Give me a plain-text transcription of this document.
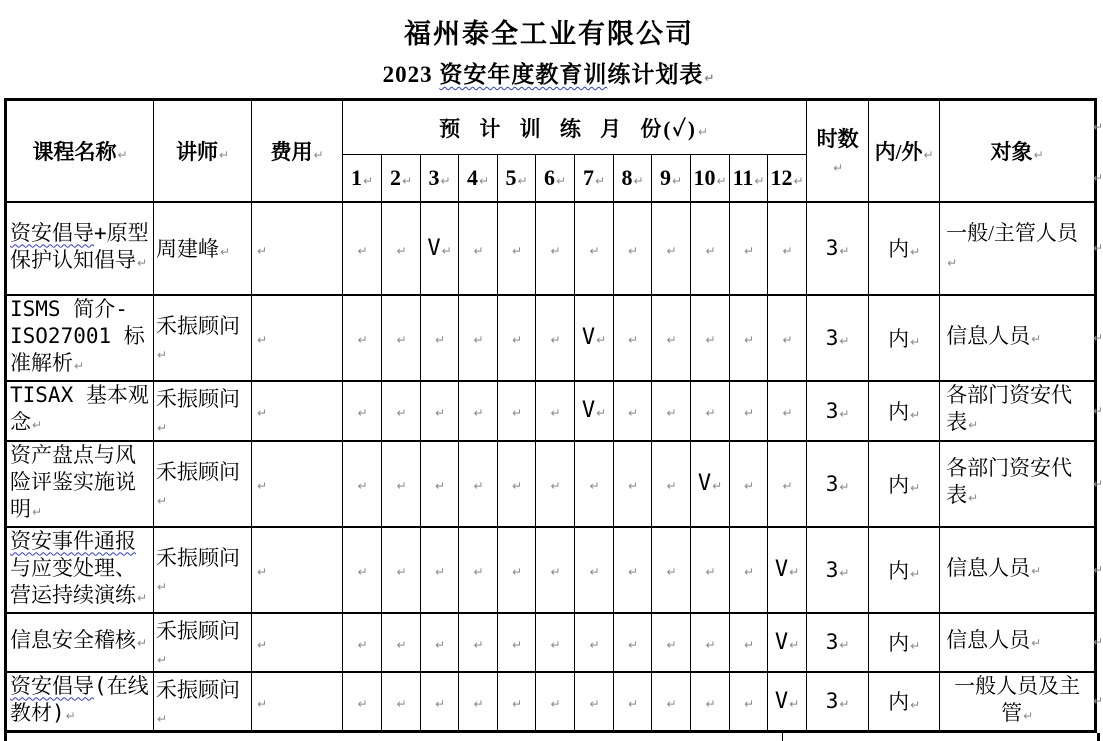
福州泰全工业有限公司
2023 资安年度教育训练计划表↵
课程名称↵	讲师↵	费用↵	预 计 训 练 月 份(✓)↵												时数↵	内/外↵	对象↵
			1↵	2↵	3↵	4↵	5↵	6↵	7↵	8↵	9↵	10↵	11↵	12↵			
资安倡导+原型保护认知倡导↵	周建峰↵	↵	↵	↵	V↵	↵	↵	↵	↵	↵	↵	↵	↵	↵	3↵	内↵	一般/主管人员↵
ISMS 简介-ISO27001 标准解析↵	禾振顾问↵	↵	↵	↵	↵	↵	↵	↵	V↵	↵	↵	↵	↵	↵	3↵	内↵	信息人员↵
TISAX 基本观念↵	禾振顾问↵	↵	↵	↵	↵	↵	↵	↵	V↵	↵	↵	↵	↵	↵	3↵	内↵	各部门资安代表↵
资产盘点与风险评鉴实施说明↵	禾振顾问↵	↵	↵	↵	↵	↵	↵	↵	↵	↵	↵	V↵	↵	↵	3↵	内↵	各部门资安代表↵
资安事件通报与应变处理、营运持续演练↵	禾振顾问↵	↵	↵	↵	↵	↵	↵	↵	↵	↵	↵	↵	↵	V↵	3↵	内↵	信息人员↵
信息安全稽核↵	禾振顾问↵	↵	↵	↵	↵	↵	↵	↵	↵	↵	↵	↵	↵	V↵	3↵	内↵	信息人员↵
资安倡导(在线教材)↵	禾振顾问↵	↵	↵	↵	↵	↵	↵	↵	↵	↵	↵	↵	↵	V↵	3↵	内↵	一般人员及主管↵
↵
↵
↵
↵
↵
↵
↵
↵
↵
